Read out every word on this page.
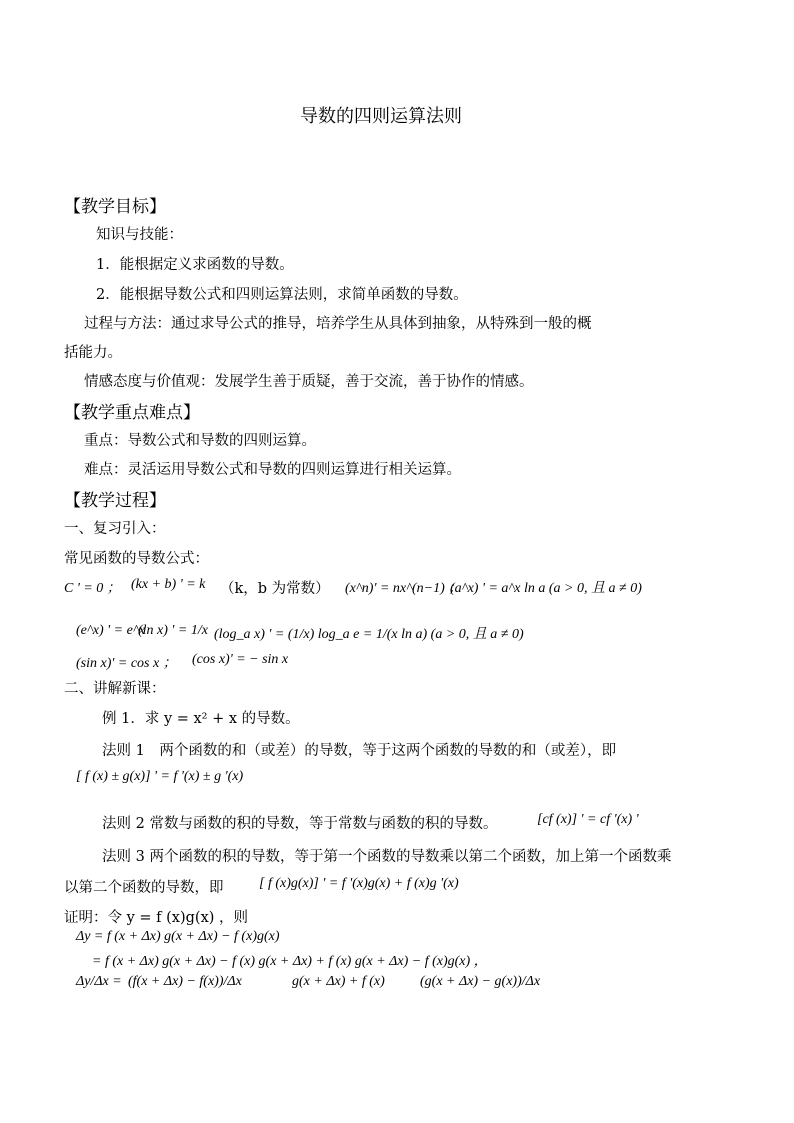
导数的四则运算法则
【教学目标】
知识与技能：
1．能根据定义求函数的导数。
2．能根据导数公式和四则运算法则，求简单函数的导数。
过程与方法：通过求导公式的推导，培养学生从具体到抽象，从特殊到一般的概
括能力。
情感态度与价值观：发展学生善于质疑，善于交流，善于协作的情感。
【教学重点难点】
重点：导数公式和导数的四则运算。
难点：灵活运用导数公式和导数的四则运算进行相关运算。
【教学过程】
一、复习引入：
常见函数的导数公式：
C ' = 0 ； (kx + b) ' = k （k，b 为常数） (x^n)' = nx^(n−1) ；
(a^x) ' = a^x ln a (a > 0, 且 a ≠ 0)
(e^x) ' = e^x
(ln x) ' = 1/x (log_a x) ' = (1/x) log_a e = 1/(x ln a) (a > 0, 且 a ≠ 0)
(sin x)' = cos x ； (cos x)' = − sin x
二、讲解新课：
例 1．求 y = x² + x 的导数。
法则 1　两个函数的和（或差）的导数，等于这两个函数的导数的和（或差），即
[ f (x) ± g(x)] ' = f '(x) ± g '(x)
法则 2 常数与函数的积的导数，等于常数与函数的积的导数。	[cf (x)] ' = cf '(x) '
法则 3 两个函数的积的导数，等于第一个函数的导数乘以第二个函数，加上第一个函数乘
以第二个函数的导数，即	[ f (x)g(x)] ' = f '(x)g(x) + f (x)g '(x)
证明：令 y = f (x)g(x) ，则
Δy = f (x + Δx) g(x + Δx) − f (x)g(x)
= f (x + Δx) g(x + Δx) − f (x) g(x + Δx) + f (x) g(x + Δx) − f (x)g(x) ，
Δy/Δx = (f(x + Δx) − f(x))/Δx	g(x + Δx) + f (x)	(g(x + Δx) − g(x))/Δx
